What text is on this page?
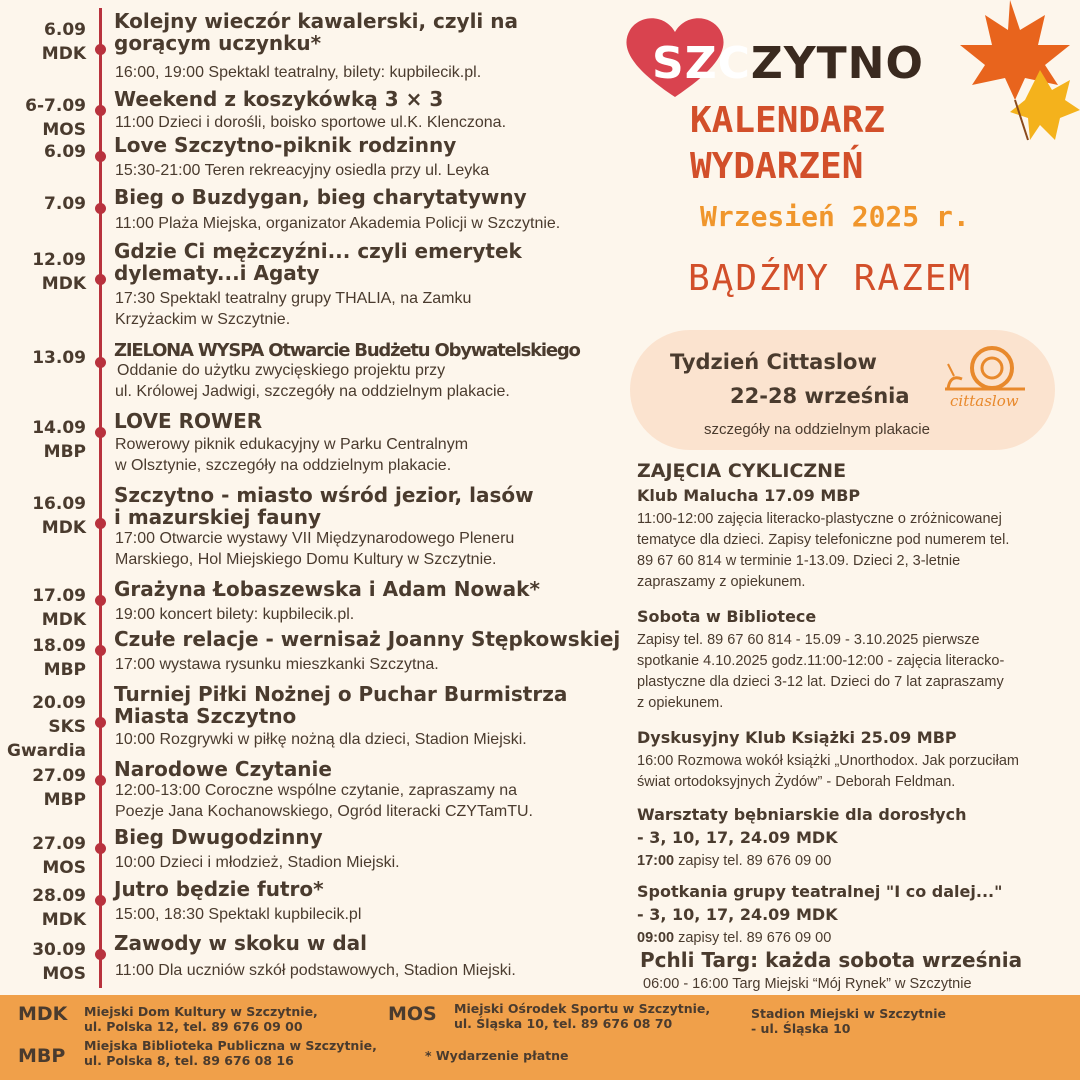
6.09
MDK
Kolejny wieczór kawalerski, czyli na
gorącym uczynku*
16:00, 19:00 Spektakl teatralny, bilety: kupbilecik.pl.
6-7.09
MOS
Weekend z koszykówką 3 × 3
11:00 Dzieci i dorośli, boisko sportowe ul.K. Klenczona.
6.09 Love Szczytno-piknik rodzinny
15:30-21:00 Teren rekreacyjny osiedla przy ul. Leyka
7.09 Bieg o Buzdygan, bieg charytatywny
11:00 Plaża Miejska, organizator Akademia Policji w Szczytnie.
12.09
MDK
Gdzie Ci mężczyźni... czyli emerytek
dylematy...i Agaty
17:30 Spektakl teatralny grupy THALIA, na Zamku
Krzyżackim w Szczytnie.
13.09 ZIELONA WYSPA Otwarcie Budżetu Obywatelskiego
Oddanie do użytku zwycięskiego projektu przy
ul. Królowej Jadwigi, szczegóły na oddzielnym plakacie.
14.09
MBP
LOVE ROWER
Rowerowy piknik edukacyjny w Parku Centralnym
w Olsztynie, szczegóły na oddzielnym plakacie.
16.09
MDK
Szczytno - miasto wśród jezior, lasów
i mazurskiej fauny
17:00 Otwarcie wystawy VII Międzynarodowego Pleneru
Marskiego, Hol Miejskiego Domu Kultury w Szczytnie.
17.09
MDK
Grażyna Łobaszewska i Adam Nowak*
19:00 koncert bilety: kupbilecik.pl.
18.09
MBP
Czułe relacje - wernisaż Joanny Stępkowskiej
17:00 wystawa rysunku mieszkanki Szczytna.
20.09
SKS
Gwardia
Turniej Piłki Nożnej o Puchar Burmistrza
Miasta Szczytno
10:00 Rozgrywki w piłkę nożną dla dzieci, Stadion Miejski.
27.09
MBP
Narodowe Czytanie
12:00-13:00 Coroczne wspólne czytanie, zapraszamy na
Poezje Jana Kochanowskiego, Ogród literacki CZYTamTU.
27.09
MOS
Bieg Dwugodzinny
10:00 Dzieci i młodzież, Stadion Miejski.
28.09
MDK
Jutro będzie futro*
15:00, 18:30 Spektakl kupbilecik.pl
30.09
MOS
Zawody w skoku w dal
11:00 Dla uczniów szkół podstawowych, Stadion Miejski.
SZCZYTNO
KALENDARZ
WYDARZEŃ
Wrzesień 2025 r.
BĄDŹMY RAZEM
Tydzień Cittaslow
22-28 września
szczegóły na oddzielnym plakacie
cittaslow
ZAJĘCIA CYKLICZNE
Klub Malucha 17.09 MBP
11:00-12:00 zajęcia literacko-plastyczne o zróżnicowanej
tematyce dla dzieci. Zapisy telefoniczne pod numerem tel.
89 67 60 814 w terminie 1-13.09. Dzieci 2, 3-letnie
zapraszamy z opiekunem.
Sobota w Bibliotece
Zapisy tel. 89 67 60 814 - 15.09 - 3.10.2025 pierwsze
spotkanie 4.10.2025 godz.11:00-12:00 - zajęcia literacko-
plastyczne dla dzieci 3-12 lat. Dzieci do 7 lat zapraszamy
z opiekunem.
Dyskusyjny Klub Książki 25.09 MBP
16:00 Rozmowa wokół książki „Unorthodox. Jak porzuciłam
świat ortodoksyjnych Żydów” - Deborah Feldman.
Warsztaty bębniarskie dla dorosłych
- 3, 10, 17, 24.09 MDK
17:00 zapisy tel. 89 676 09 00
Spotkania grupy teatralnej "I co dalej..."
- 3, 10, 17, 24.09 MDK
09:00 zapisy tel. 89 676 09 00
Pchli Targ: każda sobota września
06:00 - 16:00 Targ Miejski “Mój Rynek” w Szczytnie
MDK Miejski Dom Kultury w Szczytnie,
ul. Polska 12, tel. 89 676 09 00
MBP Miejska Biblioteka Publiczna w Szczytnie,
ul. Polska 8, tel. 89 676 08 16
MOS Miejski Ośrodek Sportu w Szczytnie,
ul. Śląska 10, tel. 89 676 08 70
Stadion Miejski w Szczytnie
- ul. Śląska 10
* Wydarzenie płatne
